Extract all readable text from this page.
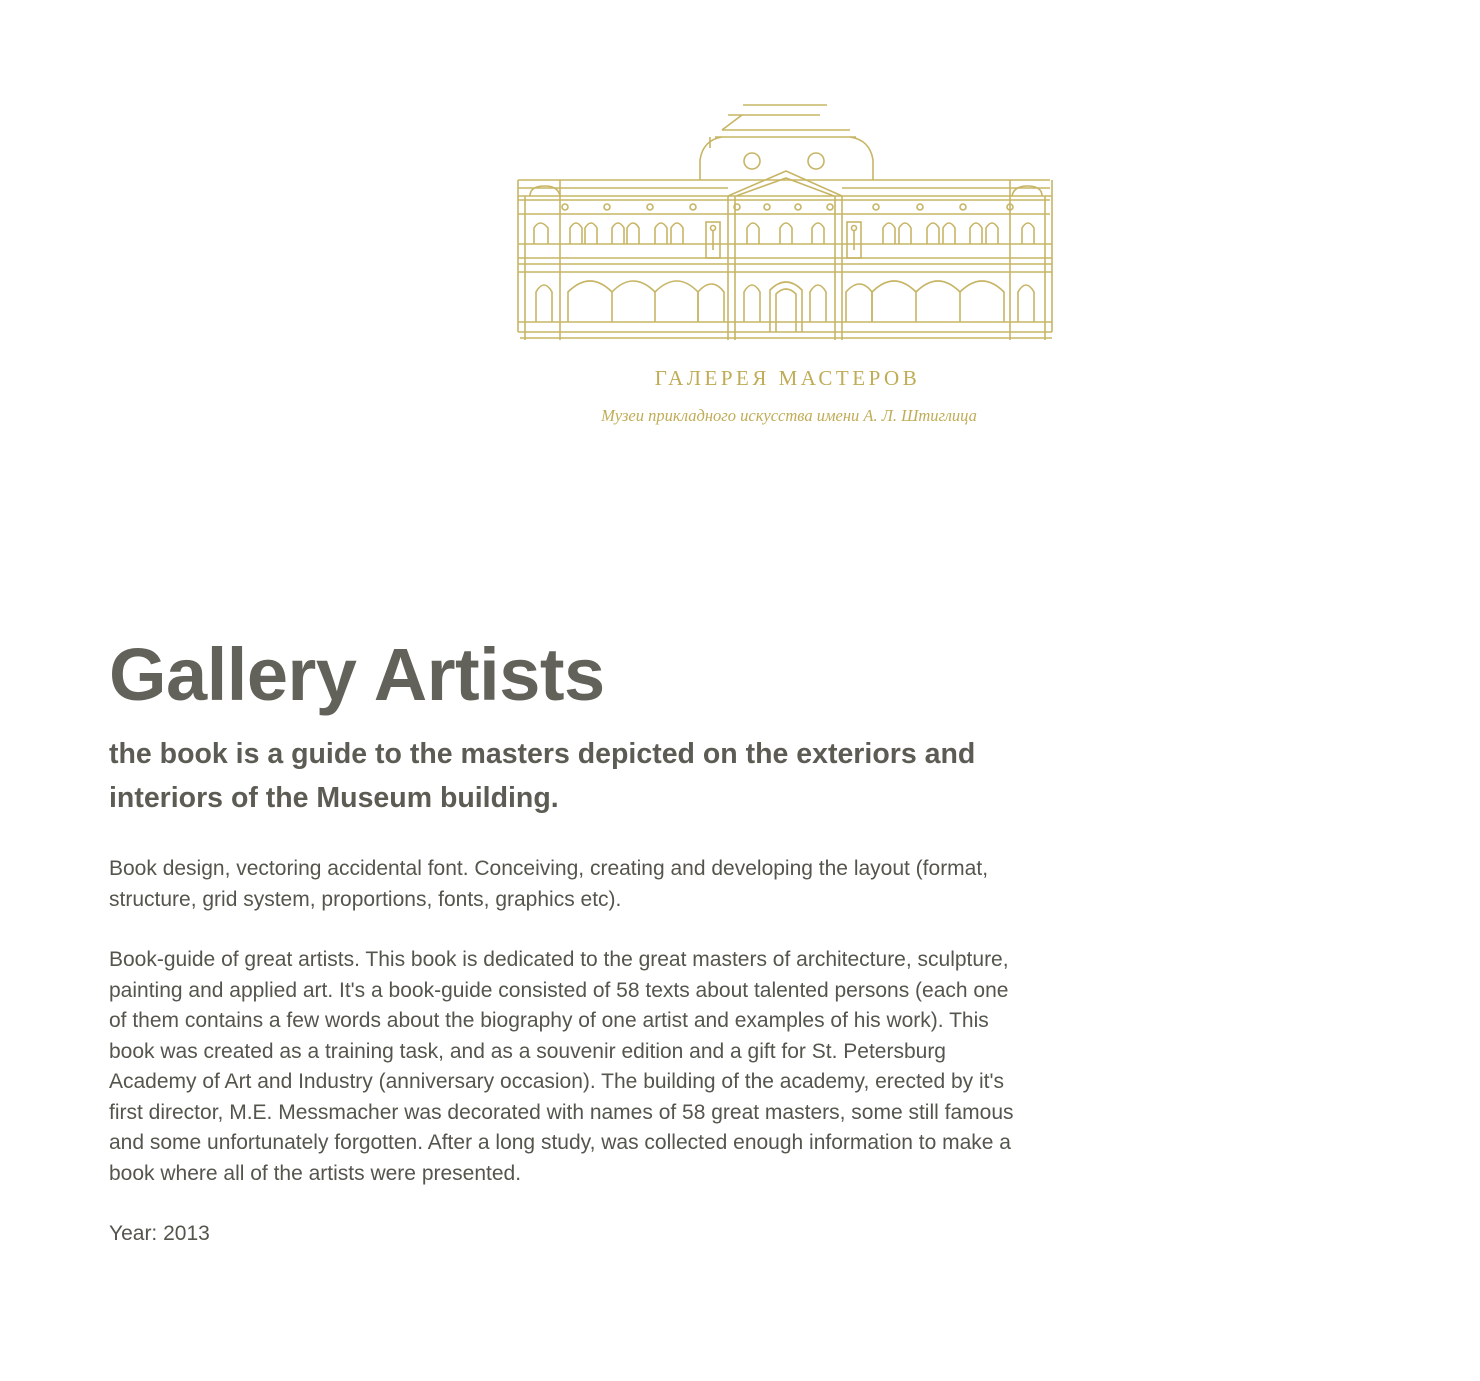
ГАЛЕРЕЯ МАСТЕРОВ
Музеи прикладного искусства имени А. Л. Штиглица
Gallery Artists
the book is a guide to the masters depicted on the exteriors and interiors of the Museum building.

Book design, vectoring accidental font. Conceiving, creating and developing the layout (format, structure, grid system, proportions, fonts, graphics etc).

Book-guide of great artists. This book is dedicated to the great masters of architecture, sculpture, painting and applied art. It's a book-guide consisted of 58 texts about talented persons (each one of them contains a few words about the biography of one artist and examples of his work). This book was created as a training task, and as a souvenir edition and a gift for St. Petersburg Academy of Art and Industry (anniversary occasion). The building of the academy, erected by it's first director, M.E. Messmacher was decorated with names of 58 great masters, some still famous and some unfortunately forgotten. After a long study, was collected enough information to make a book where all of the artists were presented.

Year: 2013
